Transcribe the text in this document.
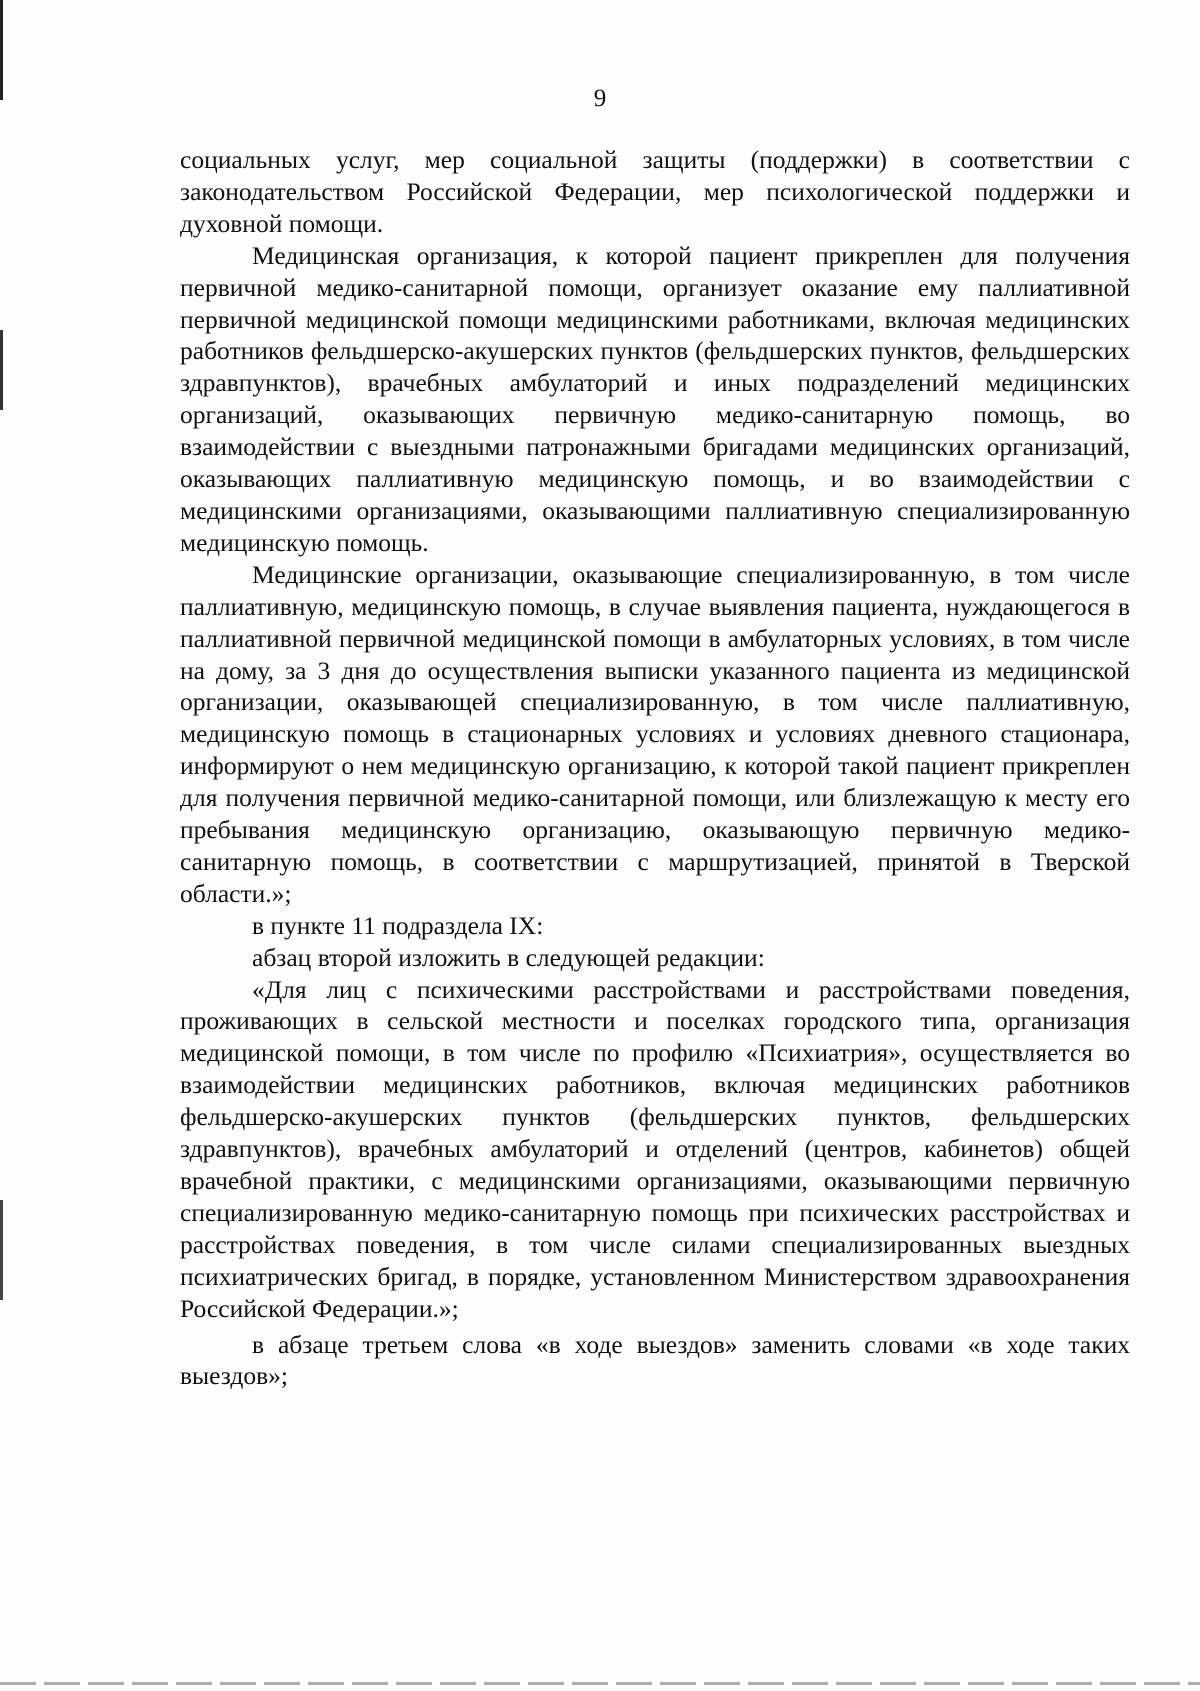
9

социальных услуг, мер социальной защиты (поддержки) в соответствии с законодательством Российской Федерации, мер психологической поддержки и духовной помощи.

Медицинская организация, к которой пациент прикреплен для получения первичной медико-санитарной помощи, организует оказание ему паллиативной первичной медицинской помощи медицинскими работниками, включая медицинских работников фельдшерско-акушерских пунктов (фельдшерских пунктов, фельдшерских здравпунктов), врачебных амбулаторий и иных подразделений медицинских организаций, оказывающих первичную медико-санитарную помощь, во взаимодействии с выездными патронажными бригадами медицинских организаций, оказывающих паллиативную медицинскую помощь, и во взаимодействии с медицинскими организациями, оказывающими паллиативную специализированную медицинскую помощь.

Медицинские организации, оказывающие специализированную, в том числе паллиативную, медицинскую помощь, в случае выявления пациента, нуждающегося в паллиативной первичной медицинской помощи в амбулаторных условиях, в том числе на дому, за 3 дня до осуществления выписки указанного пациента из медицинской организации, оказывающей специализированную, в том числе паллиативную, медицинскую помощь в стационарных условиях и условиях дневного стационара, информируют о нем медицинскую организацию, к которой такой пациент прикреплен для получения первичной медико-санитарной помощи, или близлежащую к месту его пребывания медицинскую организацию, оказывающую первичную медико-санитарную помощь, в соответствии с маршрутизацией, принятой в Тверской области.»;

в пункте 11 подраздела IX:

абзац второй изложить в следующей редакции:

«Для лиц с психическими расстройствами и расстройствами поведения, проживающих в сельской местности и поселках городского типа, организация медицинской помощи, в том числе по профилю «Психиатрия», осуществляется во взаимодействии медицинских работников, включая медицинских работников фельдшерско-акушерских пунктов (фельдшерских пунктов, фельдшерских здравпунктов), врачебных амбулаторий и отделений (центров, кабинетов) общей врачебной практики, с медицинскими организациями, оказывающими первичную специализированную медико-санитарную помощь при психических расстройствах и расстройствах поведения, в том числе силами специализированных выездных психиатрических бригад, в порядке, установленном Министерством здравоохранения Российской Федерации.»;

в абзаце третьем слова «в ходе выездов» заменить словами «в ходе таких выездов»;
